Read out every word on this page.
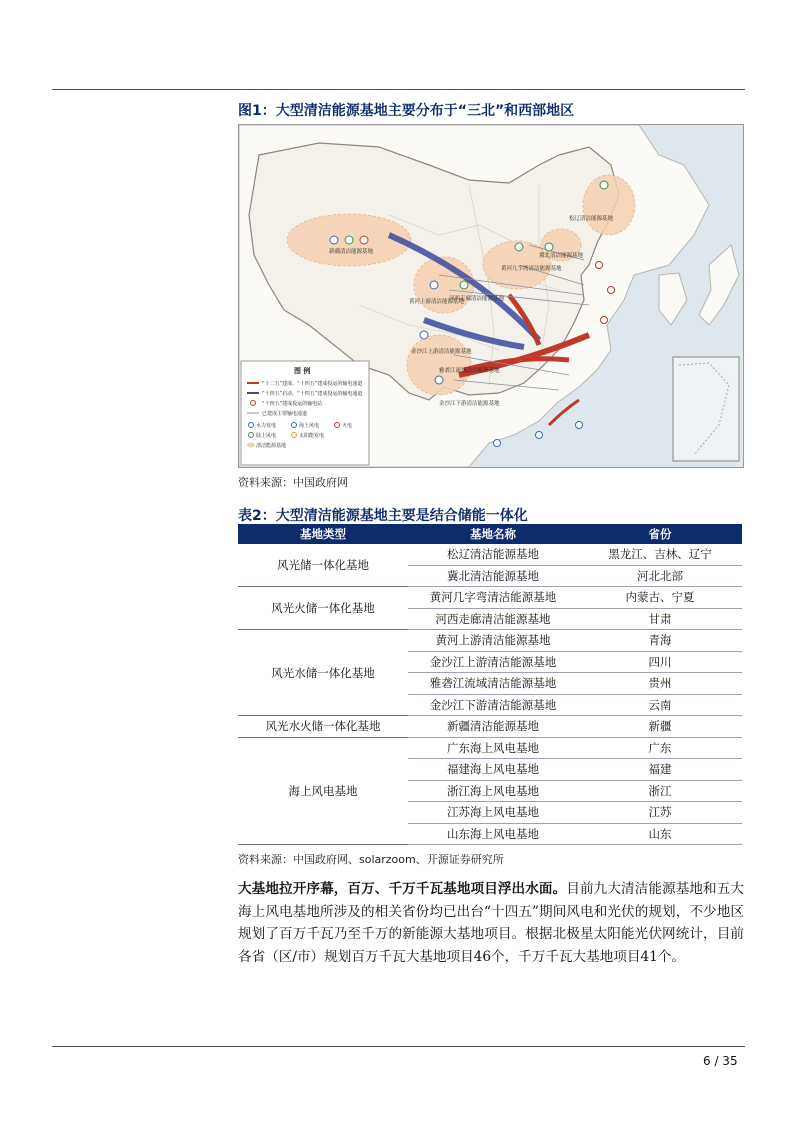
图1：大型清洁能源基地主要分布于“三北”和西部地区
松辽清洁能源基地
冀北清洁能源基地
黄河几字湾清洁能源基地
河西走廊清洁能源基地
新疆清洁能源基地
黄河上游清洁能源基地
金沙江上游清洁能源基地
雅砻江流域清洁能源基地
金沙江下游清洁能源基地
图 例
“十二五”建成、“十四五”建成投运的输电通道
“十四五”启动、“十四五”建成投运的输电通道
“十四五”建成投运的输电站
已建成主要输电通道
水力发电
陆上风电	太阳能发电
海上风电	火电
清洁能源基地
资料来源：中国政府网
表2：大型清洁能源基地主要是结合储能一体化
基地类型	基地名称	省份
风光储一体化基地	松辽清洁能源基地	黑龙江、吉林、辽宁
	冀北清洁能源基地	河北北部
风光火储一体化基地	黄河几字弯清洁能源基地	内蒙古、宁夏
	河西走廊清洁能源基地	甘肃
风光水储一体化基地	黄河上游清洁能源基地	青海
	金沙江上游清洁能源基地	四川
	雅砻江流域清洁能源基地	贵州
	金沙江下游清洁能源基地	云南
风光水火储一体化基地	新疆清洁能源基地	新疆
海上风电基地	广东海上风电基地	广东
	福建海上风电基地	福建
	浙江海上风电基地	浙江
	江苏海上风电基地	江苏
	山东海上风电基地	山东
资料来源：中国政府网、solarzoom、开源证券研究所
大基地拉开序幕，百万、千万千瓦基地项目浮出水面。目前九大清洁能源基地和五大海上风电基地所涉及的相关省份均已出台“十四五”期间风电和光伏的规划，不少地区规划了百万千瓦乃至千万的新能源大基地项目。根据北极星太阳能光伏网统计，目前各省（区/市）规划百万千瓦大基地项目46个，千万千瓦大基地项目41个。
6 / 35
